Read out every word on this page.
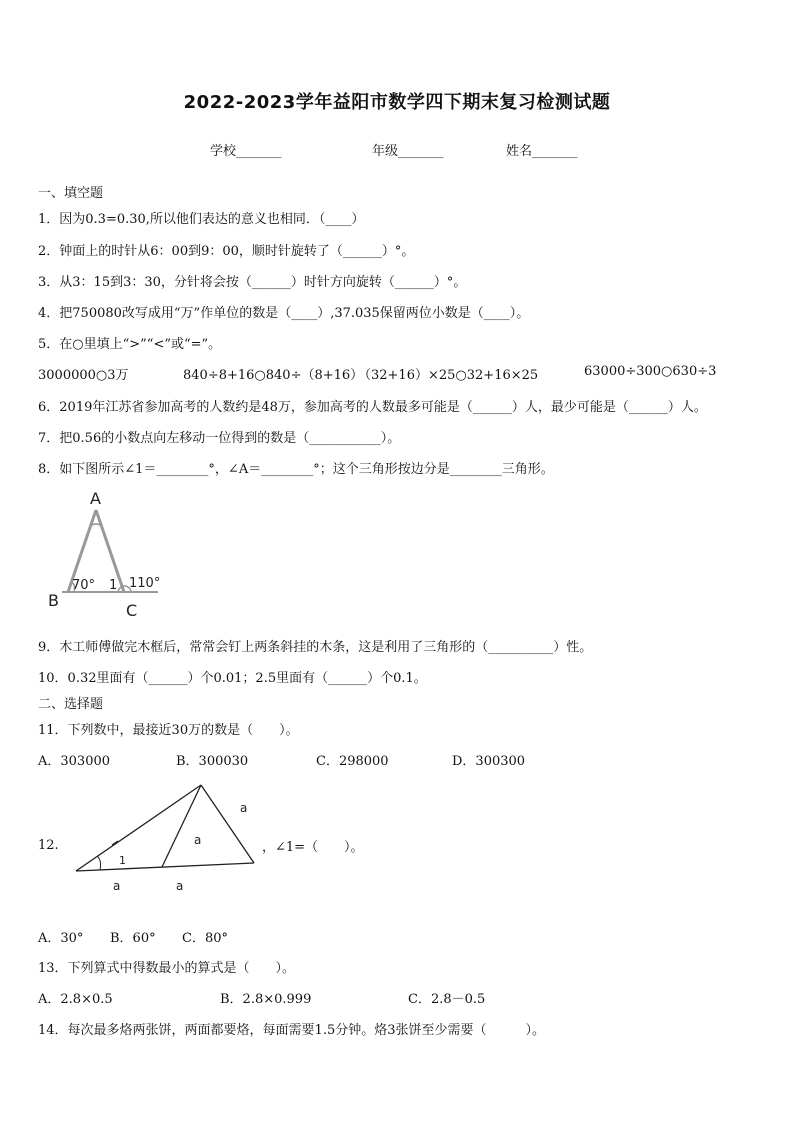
2022-2023学年益阳市数学四下期末复习检测试题
学校_______	年级_______	姓名_______
一、填空题
1．因为0.3=0.30,所以他们表达的意义也相同．（____）
2．钟面上的时针从6：00到9：00，顺时针旋转了（______）°。
3．从3：15到3：30，分针将会按（______）时针方向旋转（______）°。
4．把750080改写成用“万”作单位的数是（____）,37.035保留两位小数是（____）。
5．在○里填上“>”“<”或“=”。
3000000○3万	840÷8+16○840÷（8+16）
（32+16）×25○32+16×25	63000÷300○630÷3
6．2019年江苏省参加高考的人数约是48万，参加高考的人数最多可能是（______）人，最少可能是（______）人。
7．把0.56的小数点向左移动一位得到的数是（___________）。
8．如下图所示∠1＝________°，∠A＝________°；这个三角形按边分是________三角形。
A
B
C
70° 1 110°
9．木工师傅做完木框后，常常会钉上两条斜挂的木条，这是利用了三角形的（__________）性。
10．0.32里面有（______）个0.01；2.5里面有（______）个0.1。
二、选择题
11．下列数中，最接近30万的数是（　　）。
A．303000	B．300030	C．298000	D．300300
12.
1
a
a
a	a
，∠1=（　　）。
A．30° B．60° C．80°
13．下列算式中得数最小的算式是（　　）。
A．2.8×0.5	B．2.8×0.999	C．2.8－0.5
14．每次最多烙两张饼，两面都要烙，每面需要1.5分钟。烙3张饼至少需要（　　　）。
